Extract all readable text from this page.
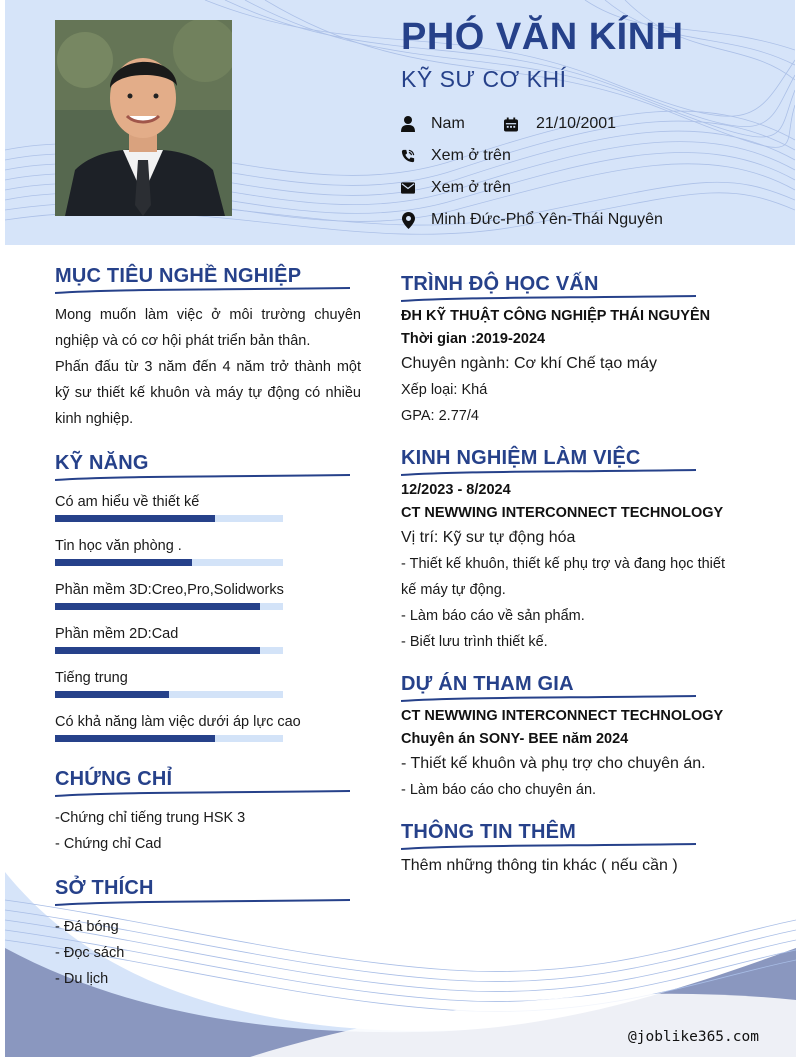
PHÓ VĂN KÍNH
KỸ SƯ CƠ KHÍ
Nam	21/10/2001
Xem ở trên
Xem ở trên
Minh Đức-Phổ Yên-Thái Nguyên
MỤC TIÊU NGHỀ NGHIỆP
Mong muốn làm việc ở môi trường chuyên nghiệp và có cơ hội phát triển bản thân.
Phấn đấu từ 3 năm đến 4 năm trở thành một kỹ sư thiết kế khuôn và máy tự động có nhiều kinh nghiệp.
KỸ NĂNG
Có am hiểu về thiết kế
Tin học văn phòng .
Phần mềm 3D:Creo,Pro,Solidworks
Phần mềm 2D:Cad
Tiếng trung
Có khả năng làm việc dưới áp lực cao
CHỨNG CHỈ
-Chứng chỉ tiếng trung HSK 3
- Chứng chỉ Cad
SỞ THÍCH
- Đá bóng
- Đọc sách
- Du lịch
TRÌNH ĐỘ HỌC VẤN
ĐH KỸ THUẬT CÔNG NGHIỆP THÁI NGUYÊN
Thời gian :2019-2024
Chuyên ngành: Cơ khí Chế tạo máy
Xếp loại: Khá
GPA: 2.77/4
KINH NGHIỆM LÀM VIỆC
12/2023 - 8/2024
CT NEWWING INTERCONNECT TECHNOLOGY
Vị trí: Kỹ sư tự động hóa
- Thiết kế khuôn, thiết kế phụ trợ và đang học thiết kế máy tự động.
- Làm báo cáo về sản phẩm.
- Biết lưu trình thiết kế.
DỰ ÁN THAM GIA
CT NEWWING INTERCONNECT TECHNOLOGY
Chuyên án SONY- BEE năm 2024
- Thiết kế khuôn và phụ trợ cho chuyên án.
- Làm báo cáo cho chuyên án.
THÔNG TIN THÊM
Thêm những thông tin khác ( nếu cần )
@joblike365.com
